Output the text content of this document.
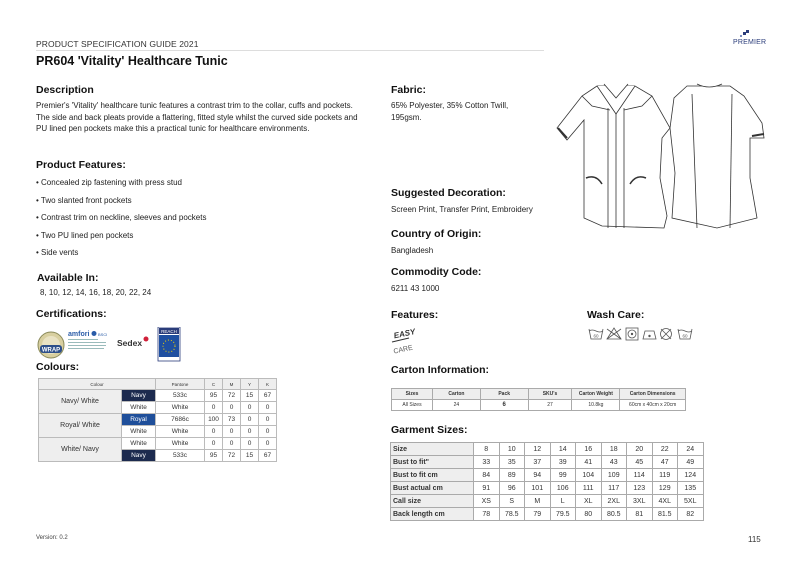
PRODUCT SPECIFICATION GUIDE 2021
PR604 'Vitality' Healthcare Tunic
PREMIER
Description
Premier's 'Vitality' healthcare tunic features a contrast trim to the collar, cuffs and pockets. The side and back pleats provide a flattering, fitted style whilst the curved side pockets and PU lined pen pockets make this a practical tunic for healthcare environments.
Product Features:
• Concealed zip fastening with press stud
• Two slanted front pockets
• Contrast trim on neckline, sleeves and pockets
• Two PU lined pen pockets
• Side vents
Available In:
8, 10, 12, 14, 16, 18, 20, 22, 24
Certifications:
WRAP
amfori BSCI
Sedex
REACH
Colours:
Colour		Pantone	C	M	Y	K
Navy/ White	Navy	533c	95	72	15	67
	White	White	0	0	0	0
Royal/ White	Royal	7686c	100	73	0	0
	White	White	0	0	0	0
White/ Navy	White	White	0	0	0	0
	Navy	533c	95	72	15	67
Fabric:
65% Polyester, 35% Cotton Twill, 195gsm.
Suggested Decoration:
Screen Print, Transfer Print, Embroidery
Country of Origin:
Bangladesh
Commodity Code:
6211 43 1000
Features:
EASY
CARE
Wash Care:
60	60
Carton Information:
Sizes	Carton	Pack	SKU's	Carton Weight	Carton Dimensions
All Sizes	24	6	27	10.8kg	60cm x 40cm x 20cm
Garment Sizes:
Size	8	10	12	14	16	18	20	22	24
Bust to fit"	33	35	37	39	41	43	45	47	49
Bust to fit cm	84	89	94	99	104	109	114	119	124
Bust actual cm	91	96	101	106	111	117	123	129	135
Call size	XS	S	M	L	XL	2XL	3XL	4XL	5XL
Back length cm	78	78.5	79	79.5	80	80.5	81	81.5	82
Version: 0.2	115
